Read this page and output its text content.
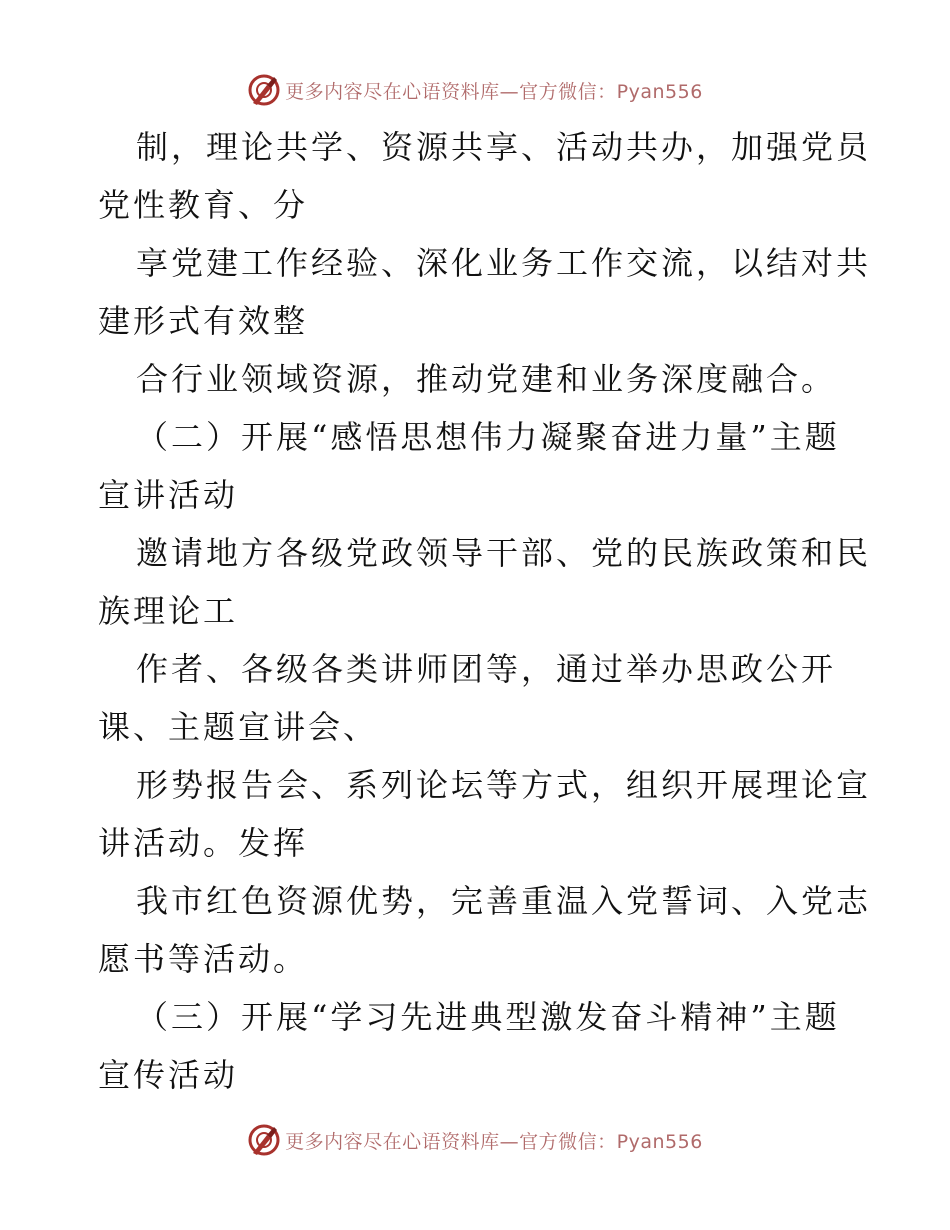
更多内容尽在心语资料库—官方微信：Pyan556
制，理论共学、资源共享、活动共办，加强党员
党性教育、分
享党建工作经验、深化业务工作交流，以结对共
建形式有效整
合行业领域资源，推动党建和业务深度融合。
（二）开展“感悟思想伟力凝聚奋进力量”主题
宣讲活动
邀请地方各级党政领导干部、党的民族政策和民
族理论工
作者、各级各类讲师团等，通过举办思政公开
课、主题宣讲会、
形势报告会、系列论坛等方式，组织开展理论宣
讲活动。发挥
我市红色资源优势，完善重温入党誓词、入党志
愿书等活动。
（三）开展“学习先进典型激发奋斗精神”主题
宣传活动
更多内容尽在心语资料库—官方微信：Pyan556
